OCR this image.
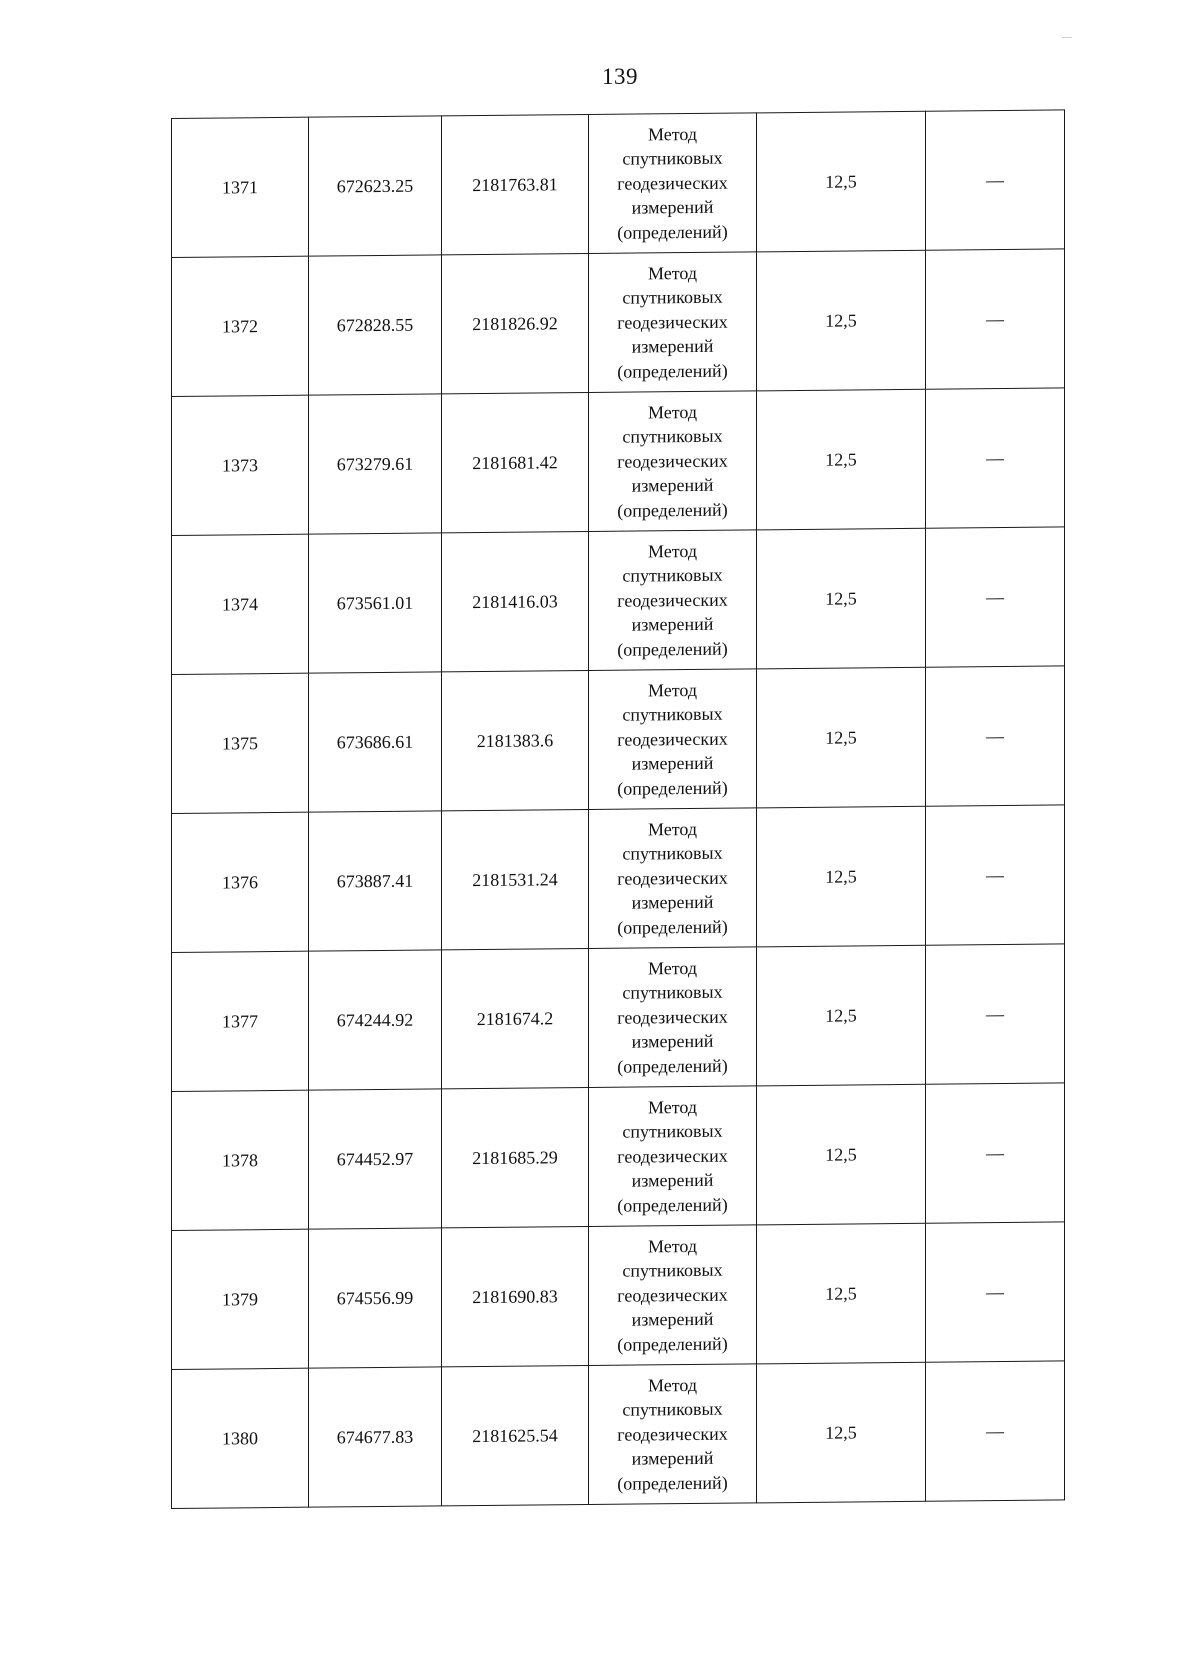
139
1371	672623.25	2181763.81	Метод
спутниковых
геодезических
измерений
(определений)	12,5	—
1372	672828.55	2181826.92	Метод
спутниковых
геодезических
измерений
(определений)	12,5	—
1373	673279.61	2181681.42	Метод
спутниковых
геодезических
измерений
(определений)	12,5	—
1374	673561.01	2181416.03	Метод
спутниковых
геодезических
измерений
(определений)	12,5	—
1375	673686.61	2181383.6	Метод
спутниковых
геодезических
измерений
(определений)	12,5	—
1376	673887.41	2181531.24	Метод
спутниковых
геодезических
измерений
(определений)	12,5	—
1377	674244.92	2181674.2	Метод
спутниковых
геодезических
измерений
(определений)	12,5	—
1378	674452.97	2181685.29	Метод
спутниковых
геодезических
измерений
(определений)	12,5	—
1379	674556.99	2181690.83	Метод
спутниковых
геодезических
измерений
(определений)	12,5	—
1380	674677.83	2181625.54	Метод
спутниковых
геодезических
измерений
(определений)	12,5	—
